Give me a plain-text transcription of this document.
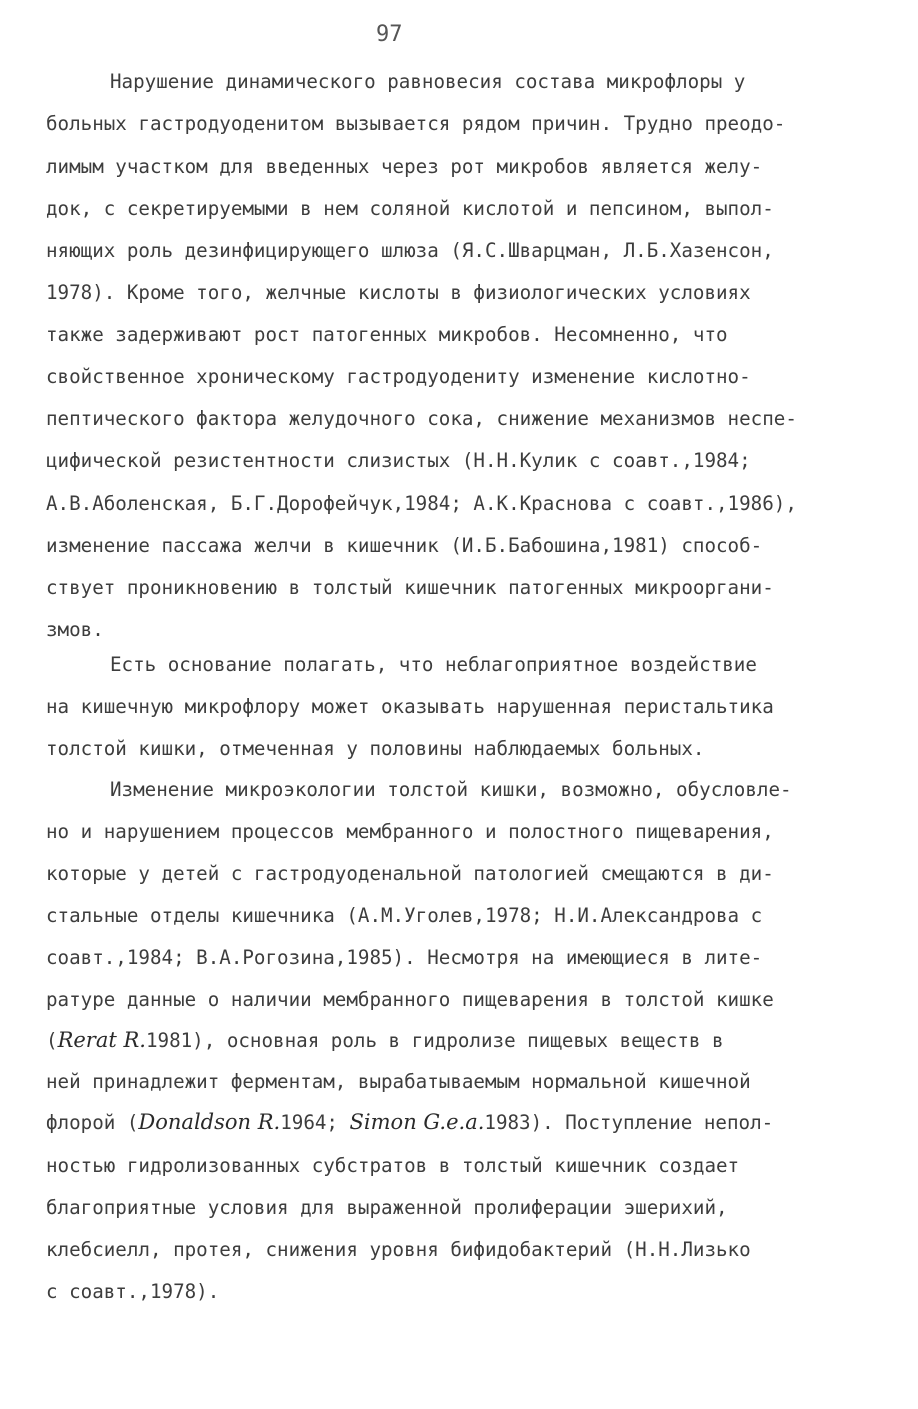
97
Нарушение динамического равновесия состава микрофлоры у
больных гастродуоденитом вызывается рядом причин. Трудно преодо-
лимым участком для введенных через рот микробов является желу-
док, с секретируемыми в нем соляной кислотой и пепсином, выпол-
няющих роль дезинфицирующего шлюза (Я.С.Шварцман, Л.Б.Хазенсон,
1978). Кроме того, желчные кислоты в физиологических условиях
также задерживают рост патогенных микробов. Несомненно, что
свойственное хроническому гастродуодениту изменение кислотно-
пептического фактора желудочного сока, снижение механизмов неспе-
цифической резистентности слизистых (Н.Н.Кулик с соавт.,1984;
А.В.Аболенская, Б.Г.Дорофейчук,1984; А.К.Краснова с соавт.,1986),
изменение пассажа желчи в кишечник (И.Б.Бабошина,1981) способ-
ствует проникновению в толстый кишечник патогенных микрооргани-
змов.
Есть основание полагать, что неблагоприятное воздействие
на кишечную микрофлору может оказывать нарушенная перистальтика
толстой кишки, отмеченная у половины наблюдаемых больных.
Изменение микроэкологии толстой кишки, возможно, обусловле-
но и нарушением процессов мембранного и полостного пищеварения,
которые у детей с гастродуоденальной патологией смещаются в ди-
стальные отделы кишечника (А.М.Уголев,1978; Н.И.Александрова с
соавт.,1984; В.А.Рогозина,1985). Несмотря на имеющиеся в лите-
ратуре данные о наличии мембранного пищеварения в толстой кишке
(Rerat R.1981), основная роль в гидролизе пищевых веществ в
ней принадлежит ферментам, вырабатываемым нормальной кишечной
флорой (Donaldson R.1964; Simon G.e.a.1983). Поступление непол-
ностью гидролизованных субстратов в толстый кишечник создает
благоприятные условия для выраженной пролиферации эшерихий,
клебсиелл, протея, снижения уровня бифидобактерий (Н.Н.Лизько
с соавт.,1978).
